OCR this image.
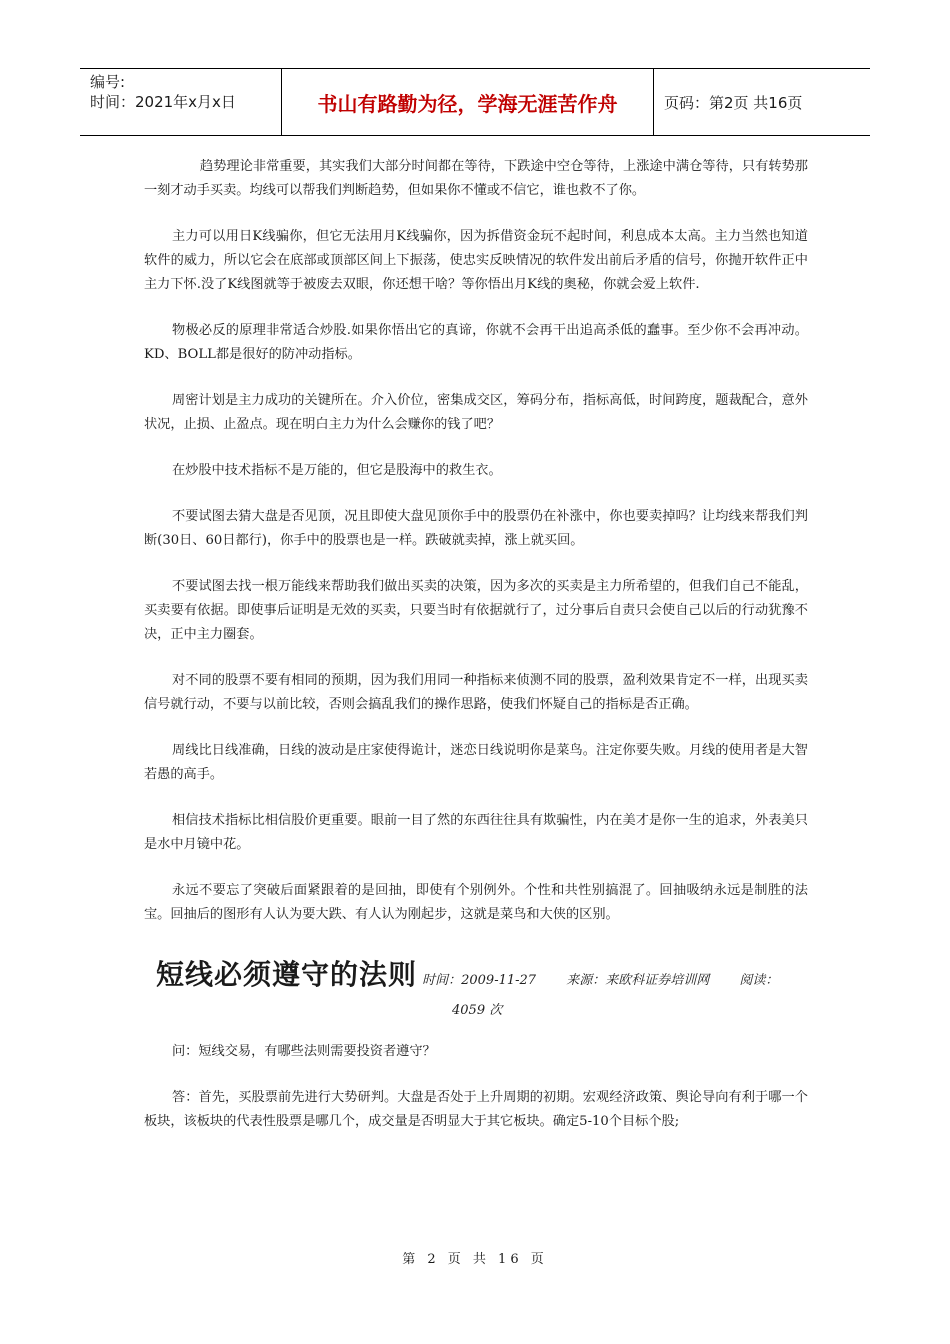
编号:
时间：2021年x月x日	书山有路勤为径，学海无涯苦作舟	页码：第2页 共16页

趋势理论非常重要，其实我们大部分时间都在等待，下跌途中空仓等待，上涨途中满仓等待，只有转势那一刻才动手买卖。均线可以帮我们判断趋势，但如果你不懂或不信它，谁也救不了你。

主力可以用日K线骗你，但它无法用月K线骗你，因为拆借资金玩不起时间，利息成本太高。主力当然也知道软件的威力，所以它会在底部或顶部区间上下振荡，使忠实反映情况的软件发出前后矛盾的信号，你抛开软件正中主力下怀.没了K线图就等于被废去双眼，你还想干啥？等你悟出月K线的奥秘，你就会爱上软件.

物极必反的原理非常适合炒股.如果你悟出它的真谛，你就不会再干出追高杀低的蠢事。至少你不会再冲动。KD、BOLL都是很好的防冲动指标。

周密计划是主力成功的关键所在。介入价位，密集成交区，筹码分布，指标高低，时间跨度，题裁配合，意外状况，止损、止盈点。现在明白主力为什么会赚你的钱了吧？

在炒股中技术指标不是万能的，但它是股海中的救生衣。

不要试图去猜大盘是否见顶，况且即使大盘见顶你手中的股票仍在补涨中，你也要卖掉吗？让均线来帮我们判断(30日、60日都行)，你手中的股票也是一样。跌破就卖掉，涨上就买回。

不要试图去找一根万能线来帮助我们做出买卖的决策，因为多次的买卖是主力所希望的，但我们自己不能乱，买卖要有依据。即使事后证明是无效的买卖，只要当时有依据就行了，过分事后自责只会使自己以后的行动犹豫不决，正中主力圈套。

对不同的股票不要有相同的预期，因为我们用同一种指标来侦测不同的股票，盈利效果肯定不一样，出现买卖信号就行动，不要与以前比较，否则会搞乱我们的操作思路，使我们怀疑自己的指标是否正确。

周线比日线准确，日线的波动是庄家使得诡计，迷恋日线说明你是菜鸟。注定你要失败。月线的使用者是大智若愚的高手。

相信技术指标比相信股价更重要。眼前一目了然的东西往往具有欺骗性，内在美才是你一生的追求，外表美只是水中月镜中花。

永远不要忘了突破后面紧跟着的是回抽，即使有个别例外。个性和共性别搞混了。回抽吸纳永远是制胜的法宝。回抽后的图形有人认为要大跌、有人认为刚起步，这就是菜鸟和大侠的区别。

短线必须遵守的法则 时间：2009-11-27 来源：来欧科证券培训网 阅读：
4059 次

问：短线交易，有哪些法则需要投资者遵守？

答：首先，买股票前先进行大势研判。大盘是否处于上升周期的初期。宏观经济政策、舆论导向有利于哪一个板块，该板块的代表性股票是哪几个，成交量是否明显大于其它板块。确定5-10个目标个股;

第 2 页 共 16 页
